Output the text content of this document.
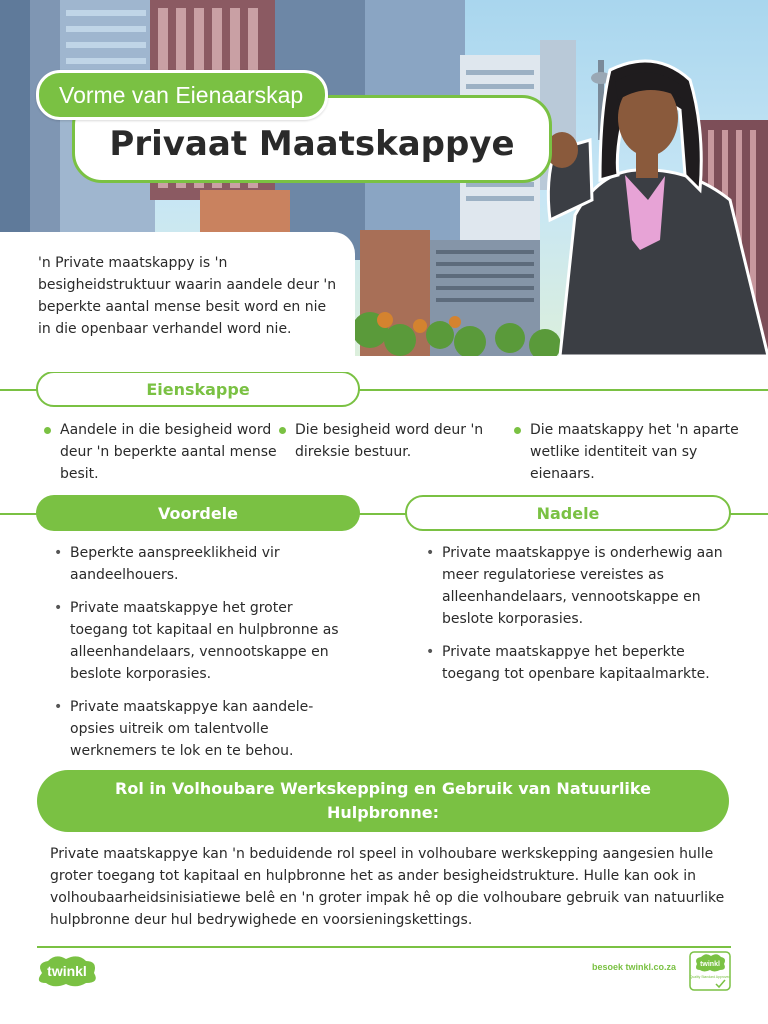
Vorme van Eienaarskap
Privaat Maatskappye

'n Private maatskappy is 'n besigheidstruktuur waarin aandele deur 'n beperkte aantal mense besit word en nie in die openbaar verhandel word nie.

Eienskappe
Aandele in die besigheid word deur 'n beperkte aantal mense besit.
Die besigheid word deur 'n direksie bestuur.
Die maatskappy het 'n aparte wetlike identiteit van sy eienaars.
Voordele	Nadele
• Beperkte aanspreeklikheid vir aandeelhouers.
• Private maatskappye het groter toegang tot kapitaal en hulpbronne as alleenhandelaars, vennootskappe en beslote korporasies.
• Private maatskappye kan aandele-opsies uitreik om talentvolle werknemers te lok en te behou.
• Private maatskappye is onderhewig aan meer regulatoriese vereistes as alleenhandelaars, vennootskappe en beslote korporasies.
• Private maatskappye het beperkte toegang tot openbare kapitaalmarkte.
Rol in Volhoubare Werkskepping en Gebruik van Natuurlike Hulpbronne:

Private maatskappye kan 'n beduidende rol speel in volhoubare werkskepping aangesien hulle groter toegang tot kapitaal en hulpbronne het as ander besigheidstrukture. Hulle kan ook in volhoubaarheidsinisiatiewe belê en 'n groter impak hê op die volhoubare gebruik van natuurlike hulpbronne deur hul bedrywighede en voorsieningskettings.

twinkl	besoek twinkl.co.za	twinkl
Quality Standard Approved
